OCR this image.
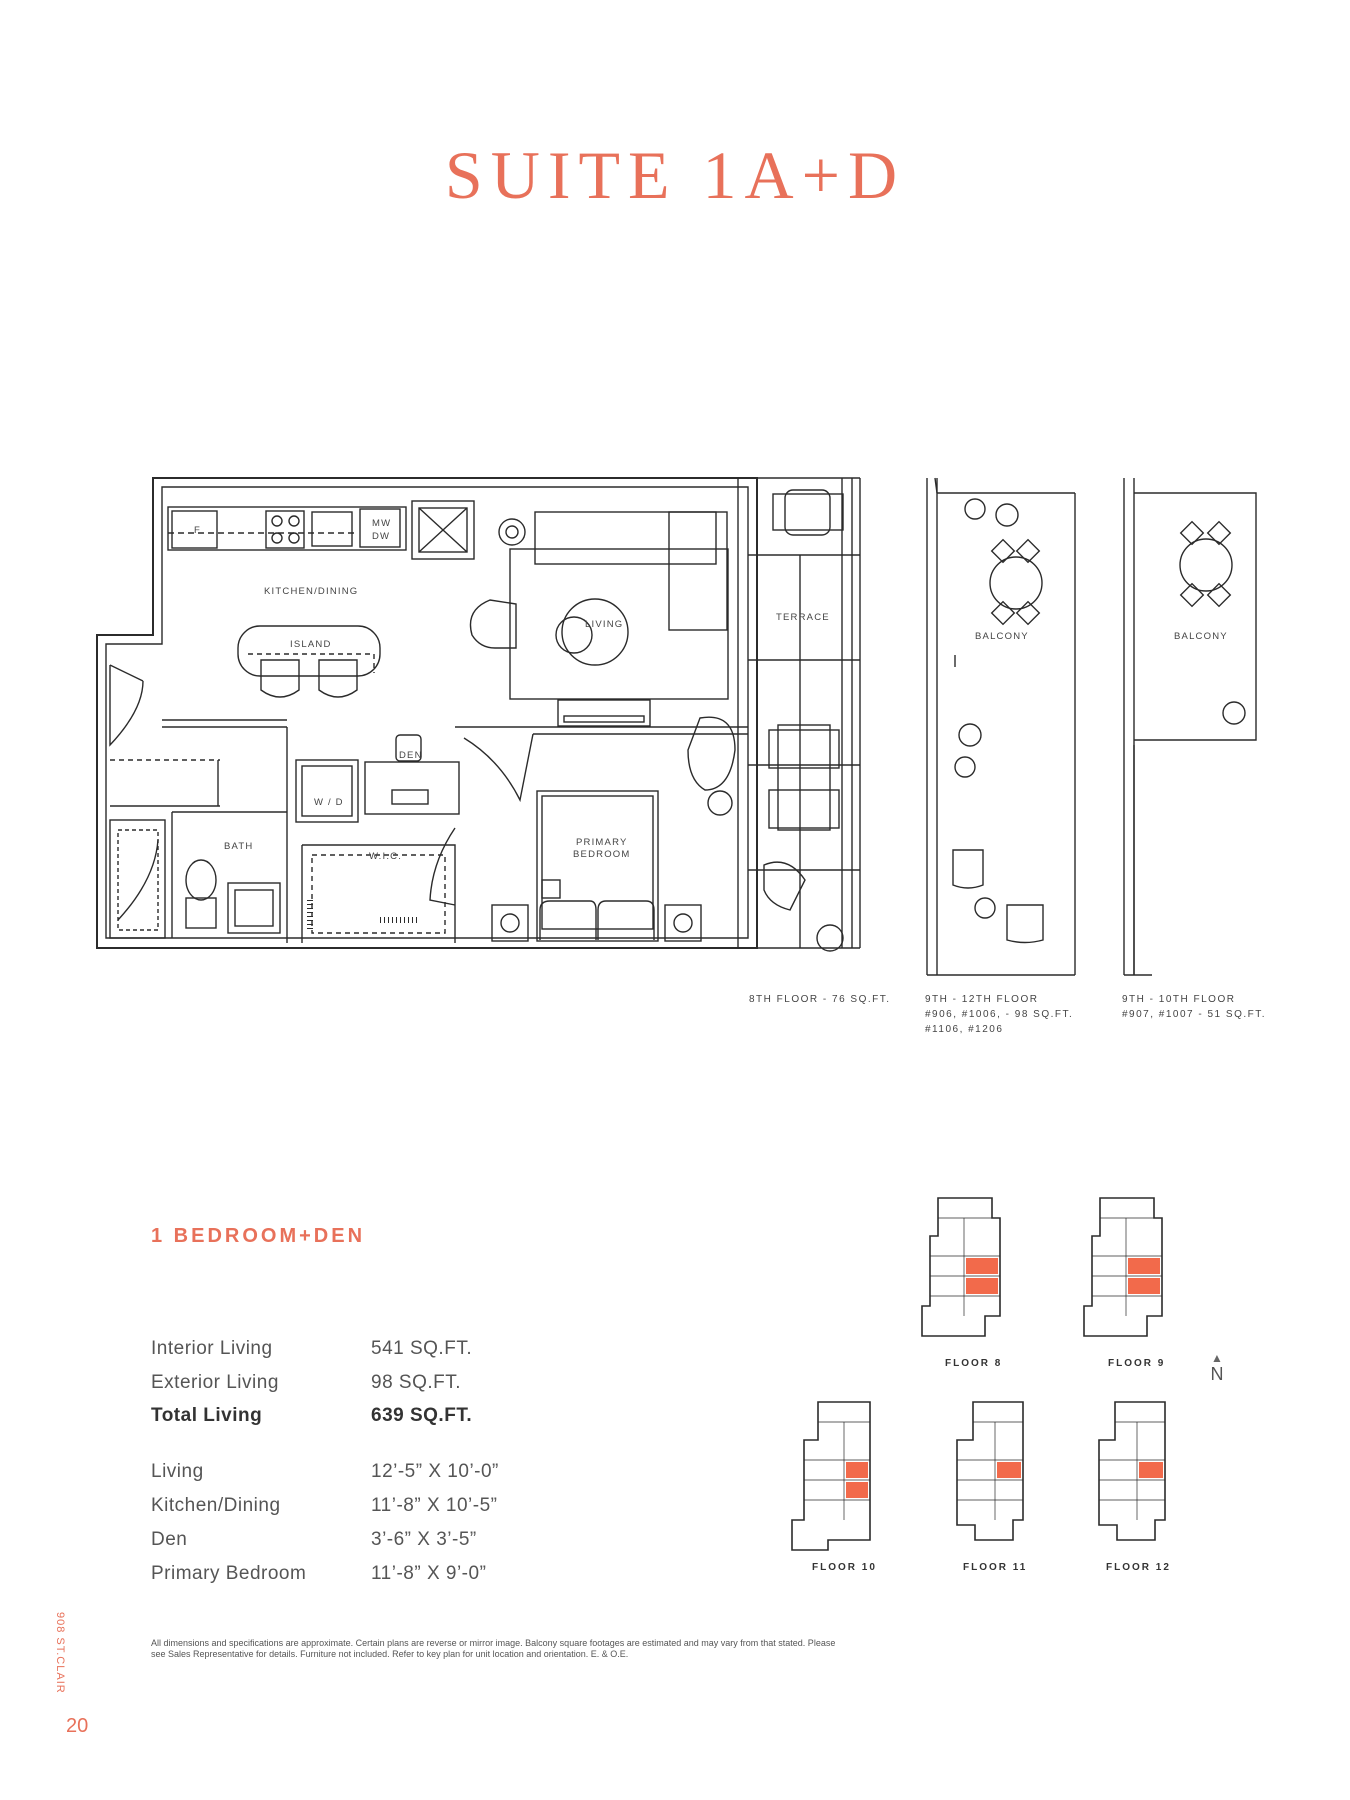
SUITE 1A+D
F
MW
DW
KITCHEN/DINING
ISLAND
LIVING
TERRACE
DEN
W / D
BATH
W.I.C.
PRIMARY
BEDROOM
BALCONY	BALCONY
8TH FLOOR - 76 SQ.FT.	9TH - 12TH FLOOR
#906, #1006, - 98 SQ.FT.
#1106, #1206
9TH - 10TH FLOOR
#907, #1007 - 51 SQ.FT.
1 BEDROOM+DEN
Interior Living	541 SQ.FT.
Exterior Living	98 SQ.FT.
Total Living	639 SQ.FT.
Living	12’-5” X 10’-0”
Kitchen/Dining	11’-8” X 10’-5”
Den	3’-6” X 3’-5”
Primary Bedroom	11’-8” X 9’-0”
FLOOR 8	FLOOR 9
FLOOR 10	FLOOR 11	FLOOR 12
▲
N
All dimensions and specifications are approximate. Certain plans are reverse or mirror image. Balcony square footages are estimated and may vary from that stated. Please see Sales Representative for details. Furniture not included. Refer to key plan for unit location and orientation. E. & O.E.
908 ST.CLAIR
20
